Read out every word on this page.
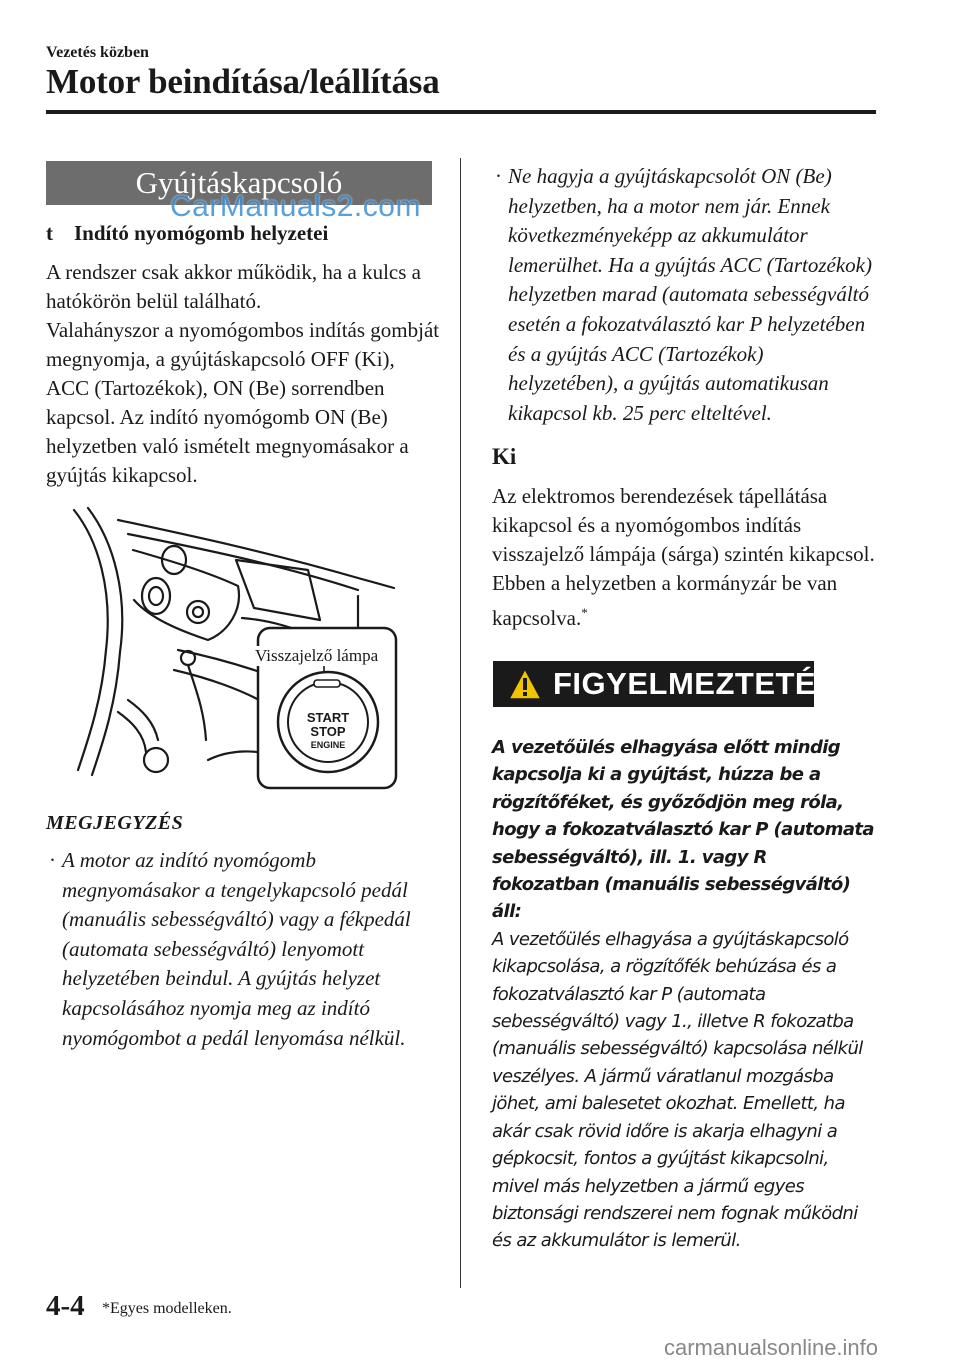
Vezetés közben
Motor beindítása/leállítása
Gyújtáskapcsoló
CarManuals2.com
t Indító nyomógomb helyzetei
A rendszer csak akkor működik, ha a kulcs a hatókörön belül található.
Valahányszor a nyomógombos indítás gombját megnyomja, a gyújtáskapcsoló OFF (Ki), ACC (Tartozékok), ON (Be) sorrendben kapcsol. Az indító nyomógomb ON (Be) helyzetben való ismételt megnyomásakor a gyújtás kikapcsol.
START
STOP
ENGINE
Visszajelző lámpa
MEGJEGYZÉS
· A motor az indító nyomógomb megnyomásakor a tengelykapcsoló pedál (manuális sebességváltó) vagy a fékpedál (automata sebességváltó) lenyomott helyzetében beindul. A gyújtás helyzet kapcsolásához nyomja meg az indító nyomógombot a pedál lenyomása nélkül.
· Ne hagyja a gyújtáskapcsolót ON (Be) helyzetben, ha a motor nem jár. Ennek következményeképp az akkumulátor lemerülhet. Ha a gyújtás ACC (Tartozékok) helyzetben marad (automata sebességváltó esetén a fokozatválasztó kar P helyzetében és a gyújtás ACC (Tartozékok) helyzetében), a gyújtás automatikusan kikapcsol kb. 25 perc elteltével.
Ki
Az elektromos berendezések tápellátása kikapcsol és a nyomógombos indítás visszajelző lámpája (sárga) szintén kikapcsol.
Ebben a helyzetben a kormányzár be van kapcsolva.*
FIGYELMEZTETÉS
A vezetőülés elhagyása előtt mindig kapcsolja ki a gyújtást, húzza be a rögzítőféket, és győződjön meg róla, hogy a fokozatválasztó kar P (automata sebességváltó), ill. 1. vagy R fokozatban (manuális sebességváltó) áll:
A vezetőülés elhagyása a gyújtáskapcsoló kikapcsolása, a rögzítőfék behúzása és a fokozatválasztó kar P (automata sebességváltó) vagy 1., illetve R fokozatba (manuális sebességváltó) kapcsolása nélkül veszélyes. A jármű váratlanul mozgásba jöhet, ami balesetet okozhat. Emellett, ha akár csak rövid időre is akarja elhagyni a gépkocsit, fontos a gyújtást kikapcsolni, mivel más helyzetben a jármű egyes biztonsági rendszerei nem fognak működni és az akkumulátor is lemerül.
4-4 *Egyes modelleken.
carmanualsonline.info
